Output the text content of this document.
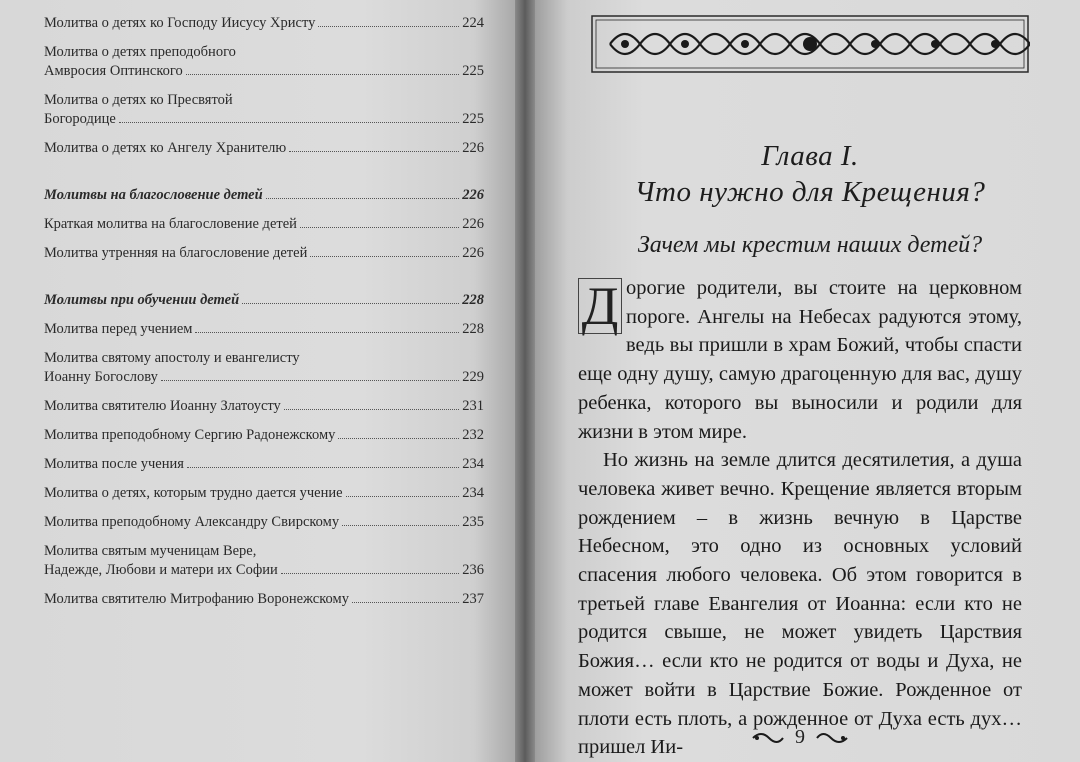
Молитва о детях ко Господу Иисусу Христу	224
Молитва о детях преподобного
Амвросия Оптинского	225
Молитва о детях ко Пресвятой
Богородице	225
Молитва о детях ко Ангелу Хранителю	226
Молитвы на благословение детей	226
Краткая молитва на благословение детей	226
Молитва утренняя на благословение детей	226
Молитвы при обучении детей	228
Молитва перед учением	228
Молитва святому апостолу и евангелисту
Иоанну Богослову	229
Молитва святителю Иоанну Златоусту	231
Молитва преподобному Сергию Радонежскому	232
Молитва после учения	234
Молитва о детях, которым трудно дается учение	234
Молитва преподобному Александру Свирскому	235
Молитва святым мученицам Вере,
Надежде, Любови и матери их Софии	236
Молитва святителю Митрофанию Воронежскому	237
Глава I.
Что нужно для Крещения?
Зачем мы крестим наших детей?

Д орогие родители, вы стоите на церковном пороге. Ангелы на Небесах радуются этому, ведь вы пришли в храм Божий, чтобы спасти еще одну душу, самую драгоценную для вас, душу ребенка, которого вы выносили и родили для жизни в этом мире.

Но жизнь на земле длится десятилетия, а душа человека живет вечно. Крещение является вторым рождением – в жизнь вечную в Царстве Небесном, это одно из основных условий спасения любого человека. Об этом говорится в третьей главе Евангелия от Иоанна: если кто не родится свыше, не может увидеть Царствия Божия… если кто не родится от воды и Духа, не может войти в Царствие Божие. Рожденное от плоти есть плоть, а рожденное от Духа есть дух… пришел Ии-	9
